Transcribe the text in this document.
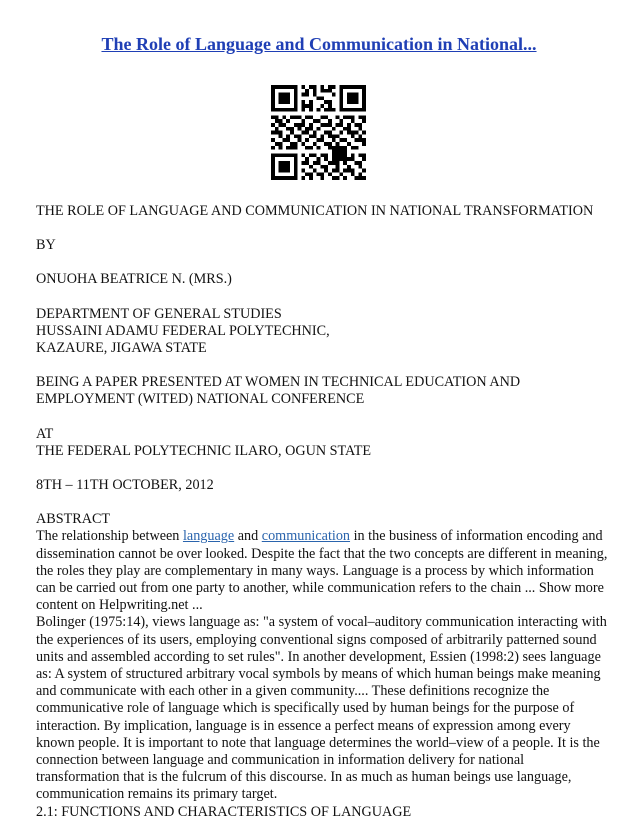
The Role of Language and Communication in National...

THE ROLE OF LANGUAGE AND COMMUNICATION IN NATIONAL TRANSFORMATION

BY

ONUOHA BEATRICE N. (MRS.)

DEPARTMENT OF GENERAL STUDIES

HUSSAINI ADAMU FEDERAL POLYTECHNIC,

KAZAURE, JIGAWA STATE

BEING A PAPER PRESENTED AT WOMEN IN TECHNICAL EDUCATION AND

EMPLOYMENT (WITED) NATIONAL CONFERENCE

AT

THE FEDERAL POLYTECHNIC ILARO, OGUN STATE

8TH – 11TH OCTOBER, 2012

ABSTRACT

The relationship between language and communication in the business of information encoding and

dissemination cannot be over looked. Despite the fact that the two concepts are different in meaning,

the roles they play are complementary in many ways. Language is a process by which information

can be carried out from one party to another, while communication refers to the chain ... Show more

content on Helpwriting.net ...

Bolinger (1975:14), views language as: "a system of vocal–auditory communication interacting with

the experiences of its users, employing conventional signs composed of arbitrarily patterned sound

units and assembled according to set rules". In another development, Essien (1998:2) sees language

as: A system of structured arbitrary vocal symbols by means of which human beings make meaning

and communicate with each other in a given community.... These definitions recognize the

communicative role of language which is specifically used by human beings for the purpose of

interaction. By implication, language is in essence a perfect means of expression among every

known people. It is important to note that language determines the world–view of a people. It is the

connection between language and communication in information delivery for national

transformation that is the fulcrum of this discourse. In as much as human beings use language,

communication remains its primary target.

2.1: FUNCTIONS AND CHARACTERISTICS OF LANGUAGE
